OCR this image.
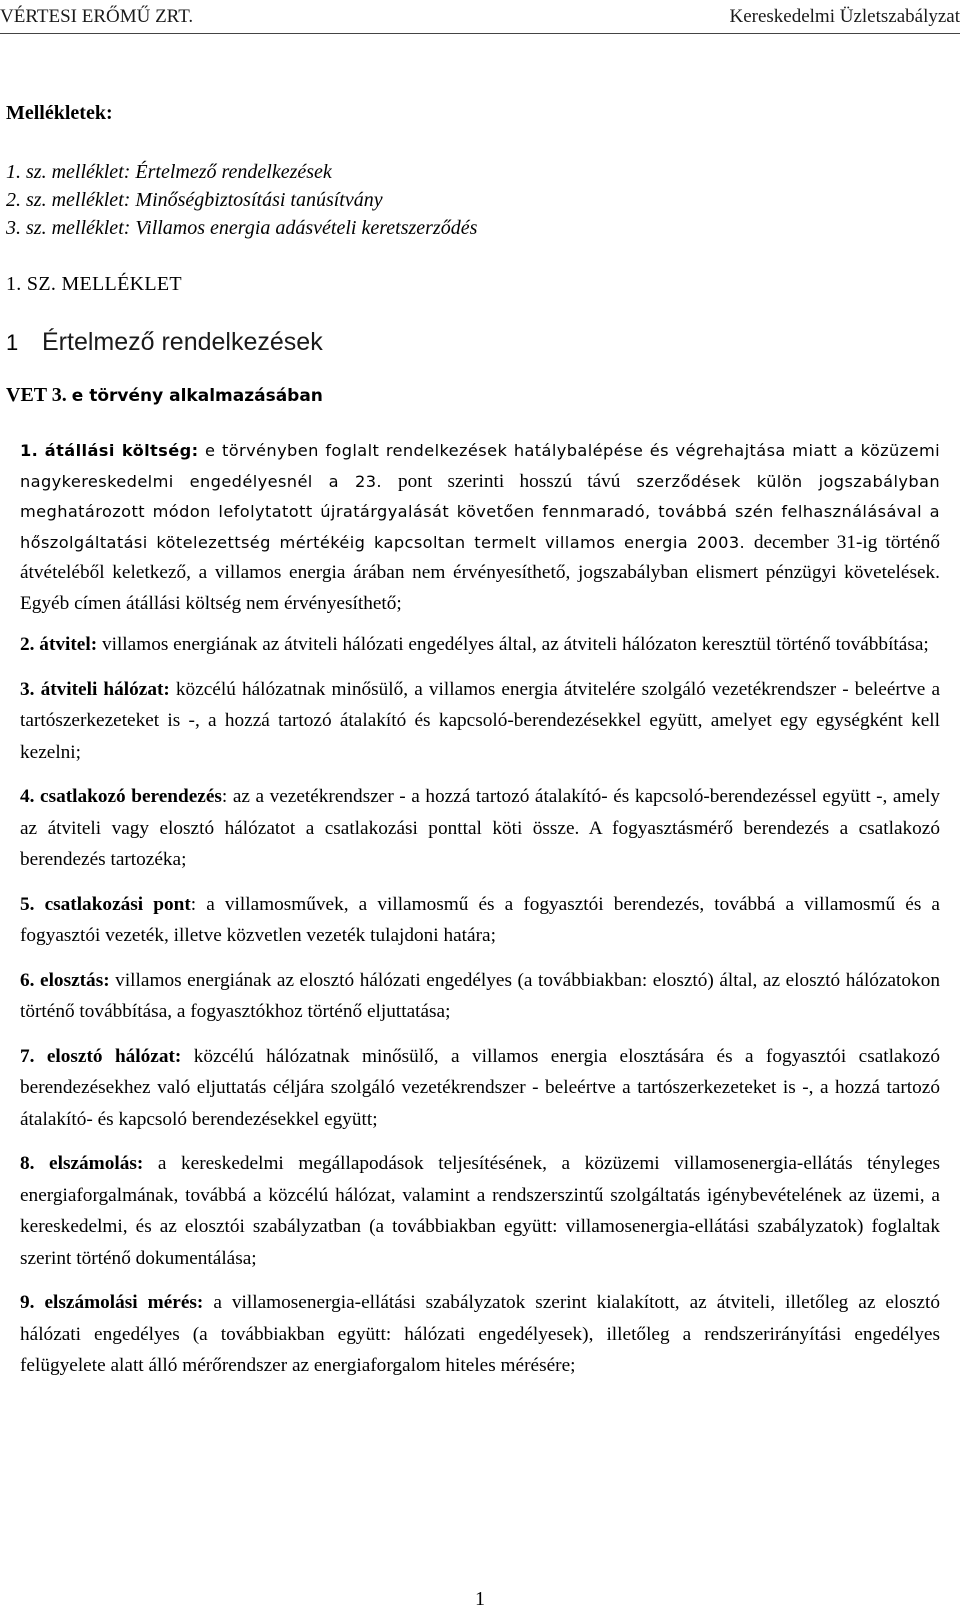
VÉRTESI ERŐMŰ ZRT.	Kereskedelmi Üzletszabályzat
Mellékletek:
1. sz. melléklet: Értelmező rendelkezések
2. sz. melléklet: Minőségbiztosítási tanúsítvány
3. sz. melléklet: Villamos energia adásvételi keretszerződés
1. SZ. MELLÉKLET
1 Értelmező rendelkezések
VET 3. e törvény alkalmazásában

1. átállási költség: e törvényben foglalt rendelkezések hatálybalépése és végrehajtása miatt a közüzemi nagykereskedelmi engedélyesnél a 23. pont szerinti hosszú távú szerződések külön jogszabályban meghatározott módon lefolytatott újratárgyalását követően fennmaradó, továbbá szén felhasználásával a hőszolgáltatási kötelezettség mértékéig kapcsoltan termelt villamos energia 2003. december 31-ig történő átvételéből keletkező, a villamos energia árában nem érvényesíthető, jogszabályban elismert pénzügyi követelések. Egyéb címen átállási költség nem érvényesíthető;

2. átvitel: villamos energiának az átviteli hálózati engedélyes által, az átviteli hálózaton keresztül történő továbbítása;

3. átviteli hálózat: közcélú hálózatnak minősülő, a villamos energia átvitelére szolgáló vezetékrendszer - beleértve a tartószerkezeteket is -, a hozzá tartozó átalakító és kapcsoló-berendezésekkel együtt, amelyet egy egységként kell kezelni;

4. csatlakozó berendezés: az a vezetékrendszer - a hozzá tartozó átalakító- és kapcsoló-berendezéssel együtt -, amely az átviteli vagy elosztó hálózatot a csatlakozási ponttal köti össze. A fogyasztásmérő berendezés a csatlakozó berendezés tartozéka;

5. csatlakozási pont: a villamosművek, a villamosmű és a fogyasztói berendezés, továbbá a villamosmű és a fogyasztói vezeték, illetve közvetlen vezeték tulajdoni határa;

6. elosztás: villamos energiának az elosztó hálózati engedélyes (a továbbiakban: elosztó) által, az elosztó hálózatokon történő továbbítása, a fogyasztókhoz történő eljuttatása;

7. elosztó hálózat: közcélú hálózatnak minősülő, a villamos energia elosztására és a fogyasztói csatlakozó berendezésekhez való eljuttatás céljára szolgáló vezetékrendszer - beleértve a tartószerkezeteket is -, a hozzá tartozó átalakító- és kapcsoló berendezésekkel együtt;

8. elszámolás: a kereskedelmi megállapodások teljesítésének, a közüzemi villamosenergia-ellátás tényleges energiaforgalmának, továbbá a közcélú hálózat, valamint a rendszerszintű szolgáltatás igénybevételének az üzemi, a kereskedelmi, és az elosztói szabályzatban (a továbbiakban együtt: villamosenergia-ellátási szabályzatok) foglaltak szerint történő dokumentálása;

9. elszámolási mérés: a villamosenergia-ellátási szabályzatok szerint kialakított, az átviteli, illetőleg az elosztó hálózati engedélyes (a továbbiakban együtt: hálózati engedélyesek), illetőleg a rendszerirányítási engedélyes felügyelete alatt álló mérőrendszer az energiaforgalom hiteles mérésére;

1
